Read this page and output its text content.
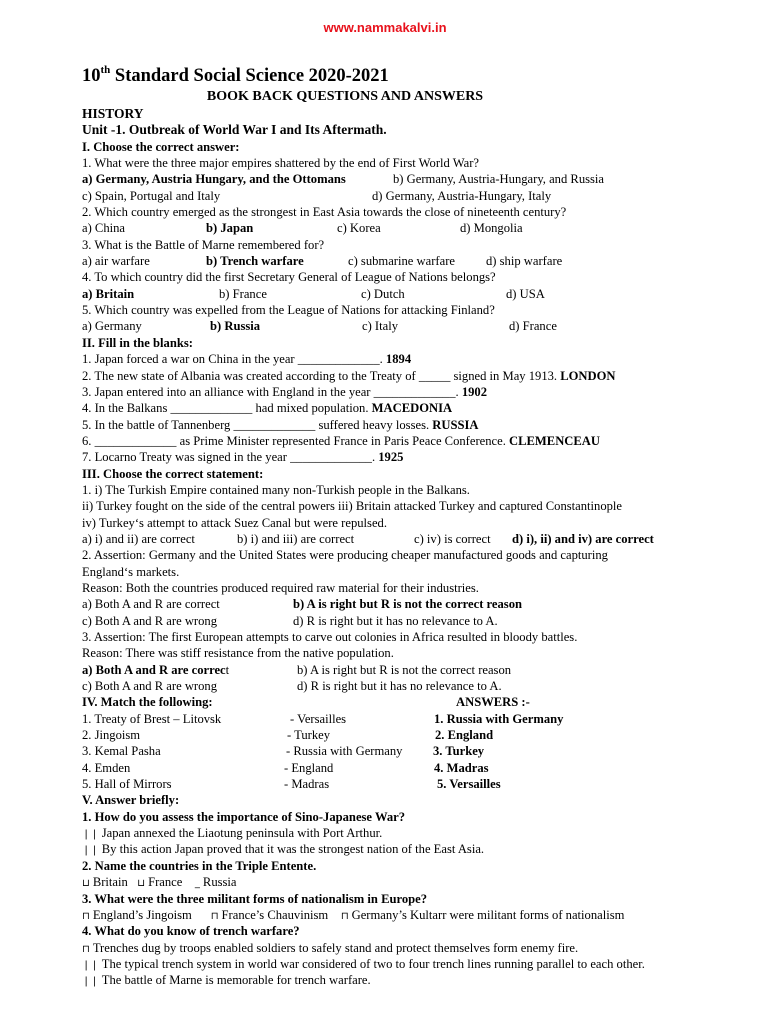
www.nammakalvi.in
10th Standard Social Science 2020-2021
BOOK BACK QUESTIONS AND ANSWERS
HISTORY
Unit -1. Outbreak of World War I and Its Aftermath.
I. Choose the correct answer:
1. What were the three major empires shattered by the end of First World War?
a) Germany, Austria Hungary, and the Ottomans	b) Germany, Austria-Hungary, and Russia
c) Spain, Portugal and Italy	d) Germany, Austria-Hungary, Italy
2. Which country emerged as the strongest in East Asia towards the close of nineteenth century?
a) China	b) Japan	c) Korea	d) Mongolia
3. What is the Battle of Marne remembered for?
a) air warfare	b) Trench warfare	c) submarine warfare d) ship warfare
4. To which country did the first Secretary General of League of Nations belongs?
a) Britain	b) France	c) Dutch	d) USA
5. Which country was expelled from the League of Nations for attacking Finland?
a) Germany	b) Russia	c) Italy	d) France
II. Fill in the blanks:
1. Japan forced a war on China in the year _____________. 1894
2. The new state of Albania was created according to the Treaty of _____ signed in May 1913. LONDON
3. Japan entered into an alliance with England in the year _____________. 1902
4. In the Balkans _____________ had mixed population. MACEDONIA
5. In the battle of Tannenberg _____________ suffered heavy losses. RUSSIA
6. _____________ as Prime Minister represented France in Paris Peace Conference. CLEMENCEAU
7. Locarno Treaty was signed in the year _____________. 1925
III. Choose the correct statement:
1. i) The Turkish Empire contained many non-Turkish people in the Balkans.
ii) Turkey fought on the side of the central powers iii) Britain attacked Turkey and captured Constantinople
iv) Turkey‘s attempt to attack Suez Canal but were repulsed.
a) i) and ii) are correct	b) i) and iii) are correct	c) iv) is correct d) i), ii) and iv) are correct
2. Assertion: Germany and the United States were producing cheaper manufactured goods and capturing
England‘s markets.
Reason: Both the countries produced required raw material for their industries.
a) Both A and R are correct	b) A is right but R is not the correct reason
c) Both A and R are wrong	d) R is right but it has no relevance to A.
3. Assertion: The first European attempts to carve out colonies in Africa resulted in bloody battles.
Reason: There was stiff resistance from the native population.
a) Both A and R are correct	b) A is right but R is not the correct reason
c) Both A and R are wrong	d) R is right but it has no relevance to A.
IV. Match the following:	ANSWERS :-
1. Treaty of Brest – Litovsk	- Versailles	1. Russia with Germany
2. Jingoism	- Turkey	2. England
3. Kemal Pasha	- Russia with Germany 3. Turkey
4. Emden	- England	4. Madras
5. Hall of Mirrors	- Madras	5. Versailles
V. Answer briefly:
1. How do you assess the importance of Sino-Japanese War?
❘❘ Japan annexed the Liaotung peninsula with Port Arthur.
❘❘ By this action Japan proved that it was the strongest nation of the East Asia.
2. Name the countries in the Triple Entente.
⊔ Britain ⊔ France _ Russia
3. What were the three militant forms of nationalism in Europe?
⊓ England’s Jingoism ⊓ France’s Chauvinism ⊓ Germany’s Kultarr were militant forms of nationalism
4. What do you know of trench warfare?
⊓ Trenches dug by troops enabled soldiers to safely stand and protect themselves form enemy fire.
❘❘ The typical trench system in world war considered of two to four trench lines running parallel to each other.
❘❘ The battle of Marne is memorable for trench warfare.
